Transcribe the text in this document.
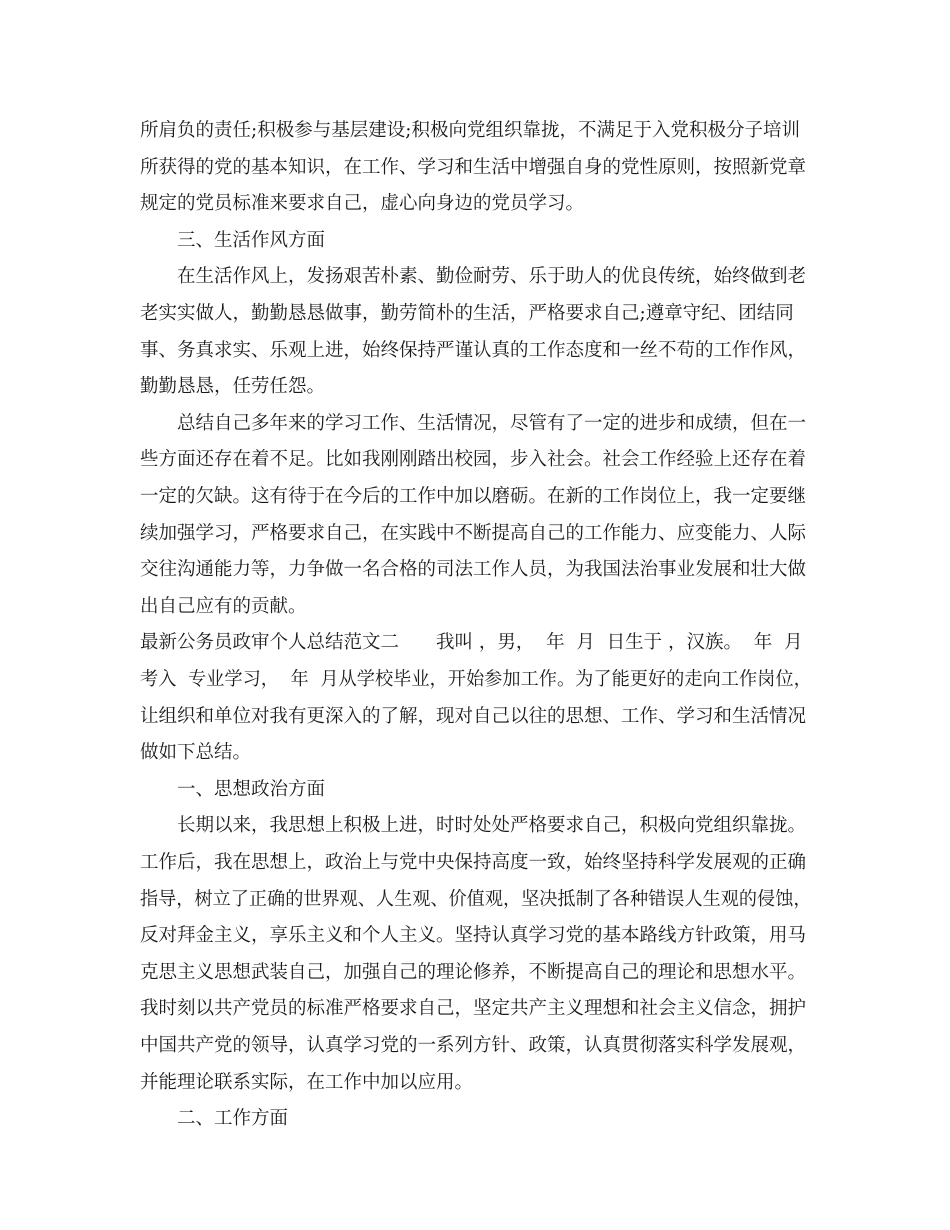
所肩负的责任;积极参与基层建设;积极向党组织靠拢，不满足于入党积极分子培训
所获得的党的基本知识，在工作、学习和生活中增强自身的党性原则，按照新党章
规定的党员标准来要求自己，虚心向身边的党员学习。
三、生活作风方面
在生活作风上，发扬艰苦朴素、勤俭耐劳、乐于助人的优良传统，始终做到老
老实实做人，勤勤恳恳做事，勤劳简朴的生活，严格要求自己;遵章守纪、团结同
事、务真求实、乐观上进，始终保持严谨认真的工作态度和一丝不苟的工作作风，
勤勤恳恳，任劳任怨。
总结自己多年来的学习工作、生活情况，尽管有了一定的进步和成绩，但在一
些方面还存在着不足。比如我刚刚踏出校园，步入社会。社会工作经验上还存在着
一定的欠缺。这有待于在今后的工作中加以磨砺。在新的工作岗位上，我一定要继
续加强学习，严格要求自己，在实践中不断提高自己的工作能力、应变能力、人际
交往沟通能力等，力争做一名合格的司法工作人员，为我国法治事业发展和壮大做
出自己应有的贡献。
最新公务员政审个人总结范文二　　我叫 ，男，  年  月  日生于 ，汉族。  年  月
考入  专业学习，  年  月从学校毕业，开始参加工作。为了能更好的走向工作岗位，
让组织和单位对我有更深入的了解，现对自己以往的思想、工作、学习和生活情况
做如下总结。
一、思想政治方面
长期以来，我思想上积极上进，时时处处严格要求自己，积极向党组织靠拢。
工作后，我在思想上，政治上与党中央保持高度一致，始终坚持科学发展观的正确
指导，树立了正确的世界观、人生观、价值观，坚决抵制了各种错误人生观的侵蚀，
反对拜金主义，享乐主义和个人主义。坚持认真学习党的基本路线方针政策，用马
克思主义思想武装自己，加强自己的理论修养，不断提高自己的理论和思想水平。
我时刻以共产党员的标准严格要求自己，坚定共产主义理想和社会主义信念，拥护
中国共产党的领导，认真学习党的一系列方针、政策，认真贯彻落实科学发展观，
并能理论联系实际，在工作中加以应用。
二、工作方面
